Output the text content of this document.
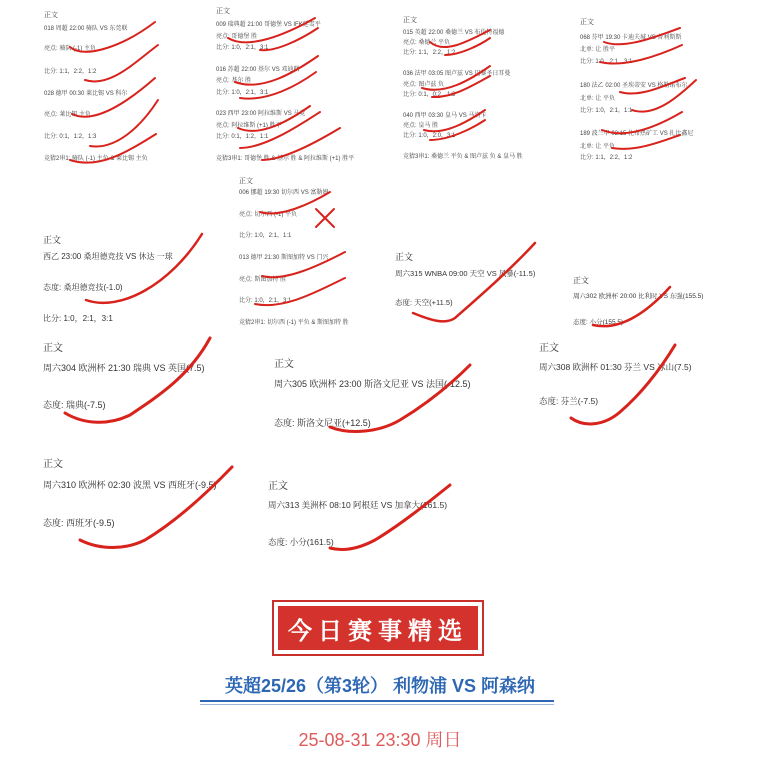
正文
018 周超 22:00 骑队 VS 东莞联
亮点: 骑队 (-1) 主负
比分: 1:1，2:2，1:2
028 德甲 00:30 莱比锡 VS 科尔
亮点: 莱比锡 主负
比分: 0:1，1:2，1:3
竞猜2串1: 骑队 (-1) 主负 & 莱比锡 主负
正文
009 瑞典超 21:00 哥德堡 VS IFK延雪平
亮点: 哥德堡 胜
比分: 1:0，2:1，3:1
016 苏超 22:00 基尔 VS 邓迪联
亮点: 基尔 胜
比分: 1:0，2:1，3:1
023 西甲 23:00 阿拉维斯 VS 马竞
亮点: 阿拉维斯 (+1) 胜平
比分: 0:1，1:2，1:1
竞猜3串1: 哥德堡 胜 & 基尔 胜 & 阿拉维斯 (+1) 胜平
正文
015 英超 22:00 桑德兰 VS 布伦特福德
亮点: 桑德兰 平负
比分: 1:1，2:2，1:2
036 法甲 03:05 图卢兹 VS 巴黎圣日耳曼
亮点: 图卢兹 负
比分: 0:1，0:2，1:3
040 西甲 03:30 皇马 VS 马洛卡
亮点: 皇马 胜
比分: 1:0，2:0，3:1
竞猜3串1: 桑德兰 平负 & 图卢兹 负 & 皇马 胜
正文
068 芬甲 19:30 卡迪夫城 VS 普利斯斯
北单: 让 胜平
比分: 1:0，2:1，3:1
180 法乙 02:00 圣埃蒂安 VS 格勒诺布尔
北单: 让 平负
比分: 1:0，2:1，1:1
189 波兰甲 02:15 扎布热矿工 VS 扎比鑫尼
北单: 让 平负
比分: 1:1，2:2，1:2
正文
006 挪超 19:30 切尔西 VS 富勒姆
亮点: 切尔西 (-1) 平负
比分: 1:0，2:1，1:1
013 德甲 21:30 斯图加特 VS 门兴
亮点: 斯图加特 胜
比分: 1:0，2:1，3:1
竞猜2串1: 切尔西 (-1) 平负 & 斯图加特 胜
正文
西乙 23:00 桑坦德竞技 VS 休达 一球
态度: 桑坦德竞技(-1.0)
比分: 1:0，2:1，3:1
正文
周六315 WNBA 09:00 天空 VS 风暴(-11.5)
态度: 天空(+11.5)
正文
周六302 欧洲杯 20:00 比利时 VS 东强(155.5)
态度: 小分(155.5)
正文
周六304 欧洲杯 21:30 瑞典 VS 英国(7.5)
态度: 瑞典(-7.5)
正文
周六305 欧洲杯 23:00 斯洛文尼亚 VS 法国(-12.5)
态度: 斯洛文尼亚(+12.5)
正文
周六308 欧洲杯 01:30 芬兰 VS 冰山(7.5)
态度: 芬兰(-7.5)
正文
周六310 欧洲杯 02:30 波黑 VS 西班牙(-9.5)
态度: 西班牙(-9.5)
正文
周六313 美洲杯 08:10 阿根廷 VS 加拿大(161.5)
态度: 小分(161.5)
今日赛事精选
英超25/26（第3轮） 利物浦 VS 阿森纳
25-08-31 23:30 周日
